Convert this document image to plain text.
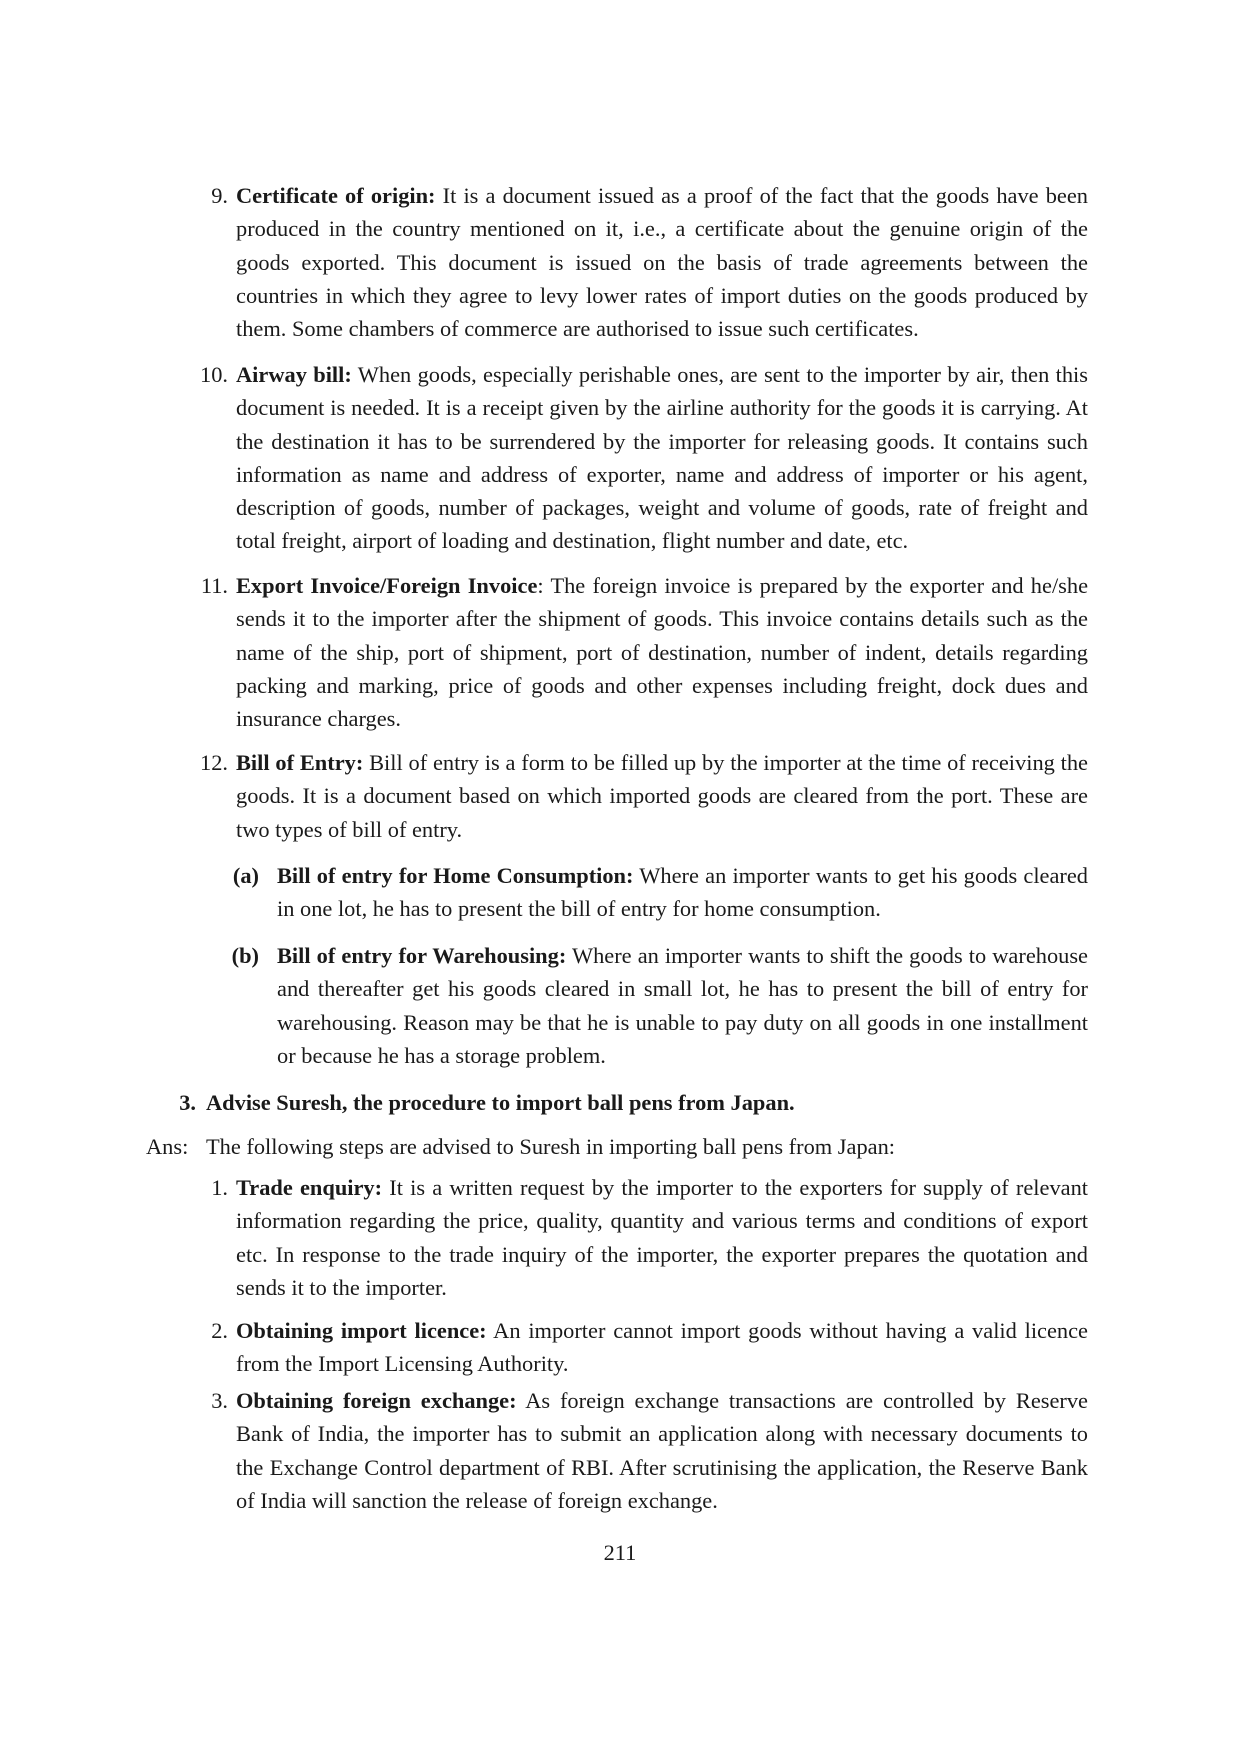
9. Certificate of origin: It is a document issued as a proof of the fact that the goods have been produced in the country mentioned on it, i.e., a certificate about the genuine origin of the goods exported. This document is issued on the basis of trade agreements between the countries in which they agree to levy lower rates of import duties on the goods produced by them. Some chambers of commerce are authorised to issue such certificates.
10. Airway bill: When goods, especially perishable ones, are sent to the importer by air, then this document is needed. It is a receipt given by the airline authority for the goods it is carrying. At the destination it has to be surrendered by the importer for releasing goods. It contains such information as name and address of exporter, name and address of importer or his agent, description of goods, number of packages, weight and volume of goods, rate of freight and total freight, airport of loading and destination, flight number and date, etc.
11. Export Invoice/Foreign Invoice: The foreign invoice is prepared by the exporter and he/she sends it to the importer after the shipment of goods. This invoice contains details such as the name of the ship, port of shipment, port of destination, number of indent, details regarding packing and marking, price of goods and other expenses including freight, dock dues and insurance charges.
12. Bill of Entry: Bill of entry is a form to be filled up by the importer at the time of receiving the goods. It is a document based on which imported goods are cleared from the port. These are two types of bill of entry.
(a) Bill of entry for Home Consumption: Where an importer wants to get his goods cleared in one lot, he has to present the bill of entry for home consumption.
(b) Bill of entry for Warehousing: Where an importer wants to shift the goods to warehouse and thereafter get his goods cleared in small lot, he has to present the bill of entry for warehousing. Reason may be that he is unable to pay duty on all goods in one installment or because he has a storage problem.
3. Advise Suresh, the procedure to import ball pens from Japan.
Ans: The following steps are advised to Suresh in importing ball pens from Japan:
1. Trade enquiry: It is a written request by the importer to the exporters for supply of relevant information regarding the price, quality, quantity and various terms and conditions of export etc. In response to the trade inquiry of the importer, the exporter prepares the quotation and sends it to the importer.
2. Obtaining import licence: An importer cannot import goods without having a valid licence from the Import Licensing Authority.
3. Obtaining foreign exchange: As foreign exchange transactions are controlled by Reserve Bank of India, the importer has to submit an application along with necessary documents to the Exchange Control department of RBI. After scrutinising the application, the Reserve Bank of India will sanction the release of foreign exchange.
211
